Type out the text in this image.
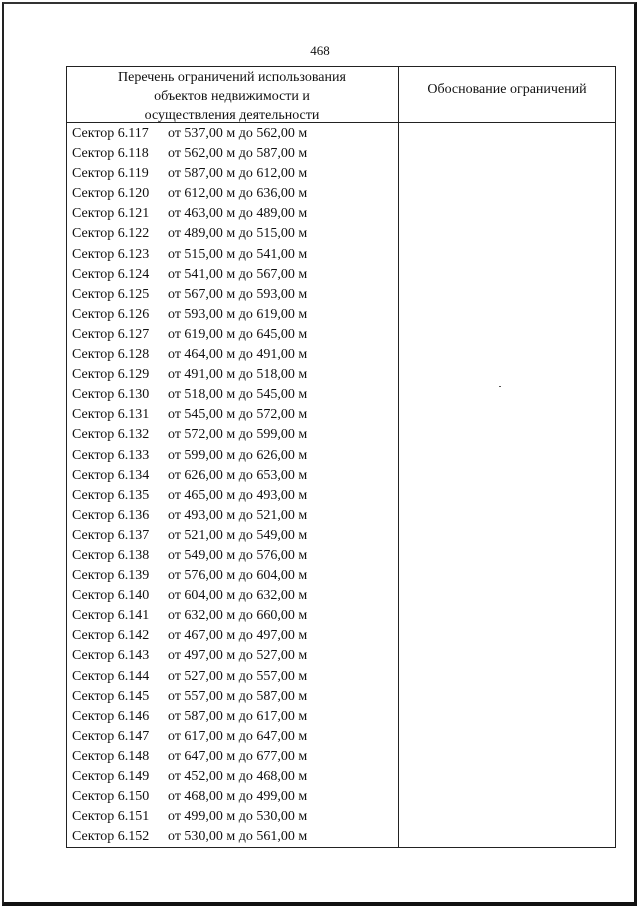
468
Перечень ограничений использования
объектов недвижимости и
осуществления деятельности
Обоснование ограничений
Сектор 6.117 от 537,00 м до 562,00 м
Сектор 6.118 от 562,00 м до 587,00 м
Сектор 6.119 от 587,00 м до 612,00 м
Сектор 6.120 от 612,00 м до 636,00 м
Сектор 6.121 от 463,00 м до 489,00 м
Сектор 6.122 от 489,00 м до 515,00 м
Сектор 6.123 от 515,00 м до 541,00 м
Сектор 6.124 от 541,00 м до 567,00 м
Сектор 6.125 от 567,00 м до 593,00 м
Сектор 6.126 от 593,00 м до 619,00 м
Сектор 6.127 от 619,00 м до 645,00 м
Сектор 6.128 от 464,00 м до 491,00 м
Сектор 6.129 от 491,00 м до 518,00 м
Сектор 6.130 от 518,00 м до 545,00 м
Сектор 6.131 от 545,00 м до 572,00 м
Сектор 6.132 от 572,00 м до 599,00 м
Сектор 6.133 от 599,00 м до 626,00 м
Сектор 6.134 от 626,00 м до 653,00 м
Сектор 6.135 от 465,00 м до 493,00 м
Сектор 6.136 от 493,00 м до 521,00 м
Сектор 6.137 от 521,00 м до 549,00 м
Сектор 6.138 от 549,00 м до 576,00 м
Сектор 6.139 от 576,00 м до 604,00 м
Сектор 6.140 от 604,00 м до 632,00 м
Сектор 6.141 от 632,00 м до 660,00 м
Сектор 6.142 от 467,00 м до 497,00 м
Сектор 6.143 от 497,00 м до 527,00 м
Сектор 6.144 от 527,00 м до 557,00 м
Сектор 6.145 от 557,00 м до 587,00 м
Сектор 6.146 от 587,00 м до 617,00 м
Сектор 6.147 от 617,00 м до 647,00 м
Сектор 6.148 от 647,00 м до 677,00 м
Сектор 6.149 от 452,00 м до 468,00 м
Сектор 6.150 от 468,00 м до 499,00 м
Сектор 6.151 от 499,00 м до 530,00 м
Сектор 6.152 от 530,00 м до 561,00 м
